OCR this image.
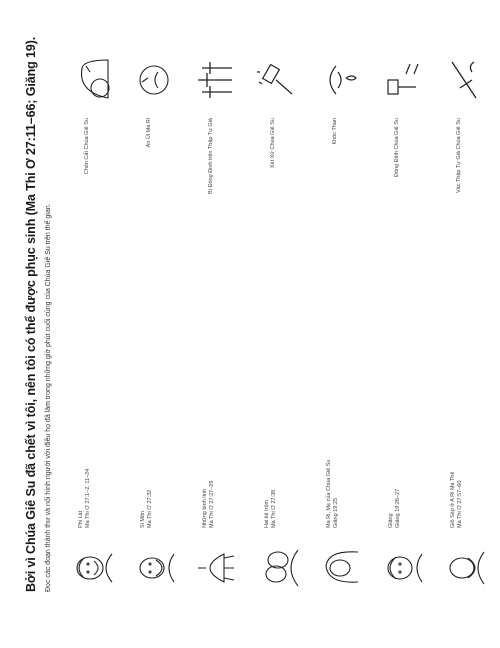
Bởi vì Chúa Giê Su đã chết vì tôi, nên tôi có thể được phục sinh (Ma Thi Ơ 27:11–66; Giăng 19). Đọc các đoạn thánh thư và nối hình người với điều họ đã làm trong những giờ phút cuối cùng của Chúa Giê Su trên thế gian.	Phi Lát Ma Thi Ơ 27:1–2, 11–24
Chôn Cất Chúa Giê Su
Si Môn Ma Thi Ơ 27:32
An Ủi Ma Ri
Những binh lính Ma Thi Ơ 27:27–29
Bị Đóng Đinh trên Thập Tự Giá
Hai kẻ trộm Ma Thi Ơ 27:38
Xét Xử Chúa Giê Su
Ma Ri, Mẹ của Chúa Giê Su Giăng 19:25
Khóc Than
Giăng Giăng 19:26–27
Đóng Đinh Chúa Giê Su
Giô Sép ở A Ri Ma Thê Ma Thi Ơ 27:57–60
Vác Thập Tự Giá Chúa Giê Su
